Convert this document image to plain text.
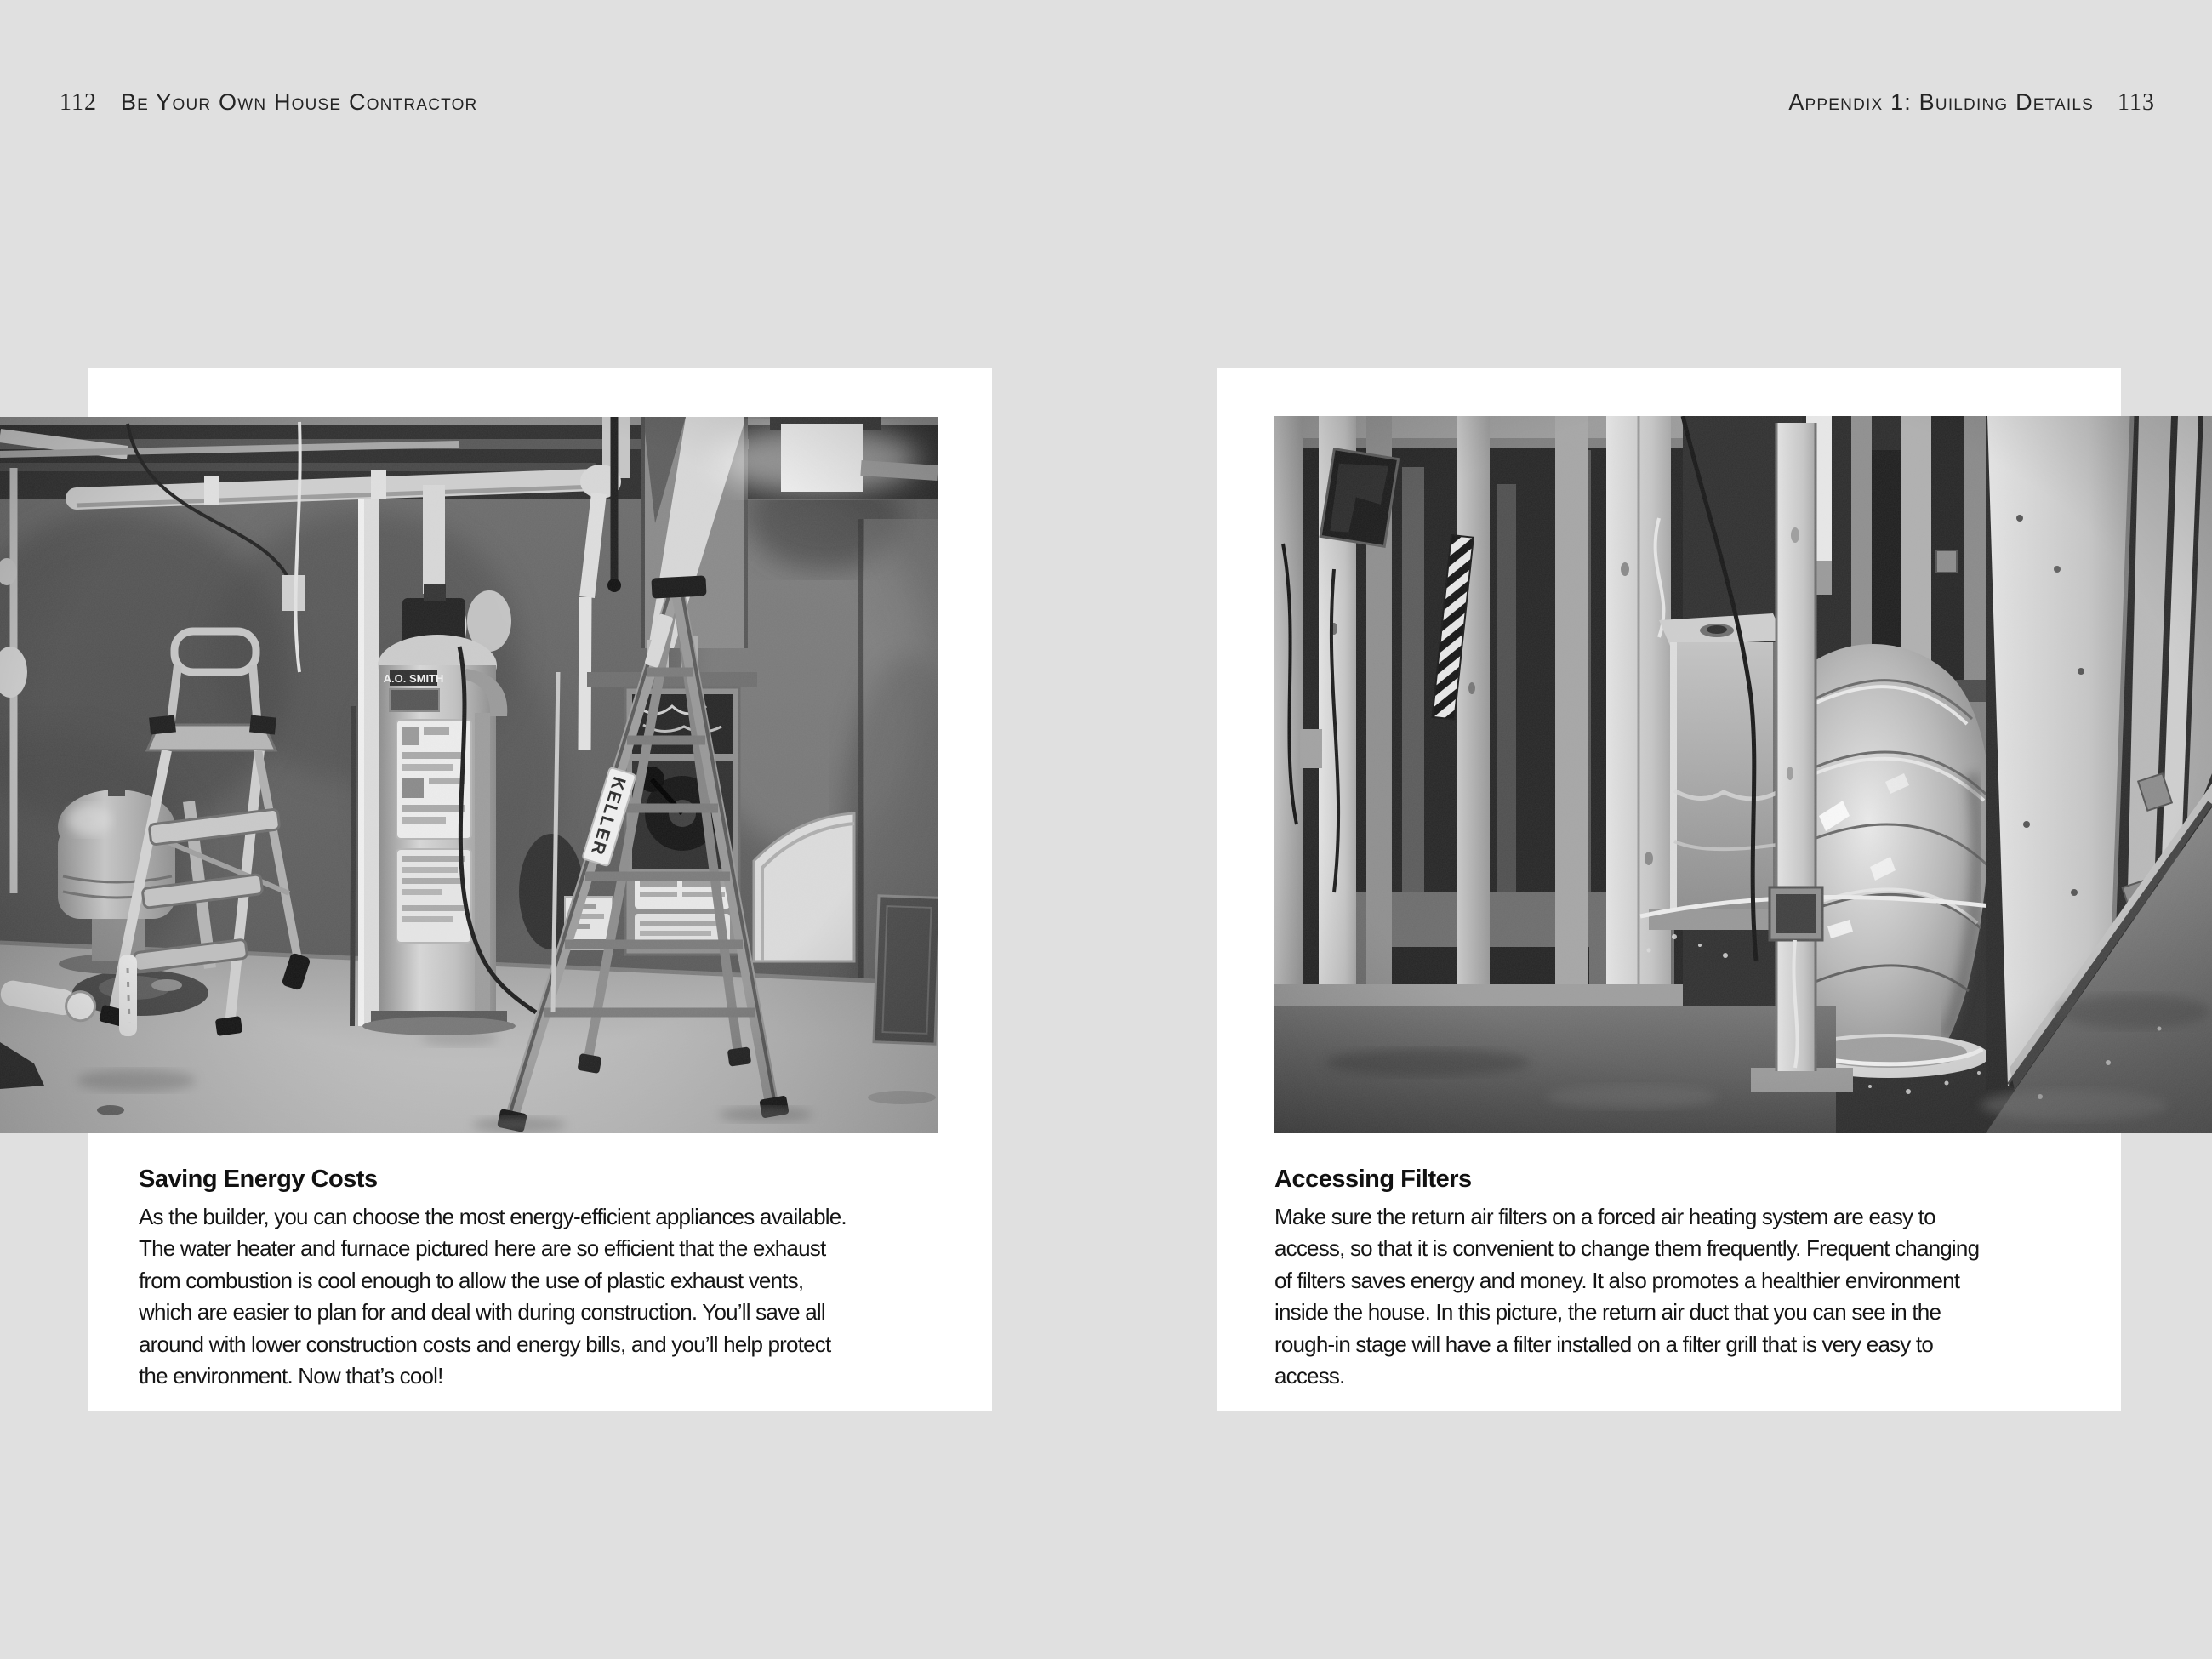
112 Be Your Own House Contractor	Appendix 1: Building Details 113
Saving Energy Costs
As the builder, you can choose the most energy-efficient appliances available.
The water heater and furnace pictured here are so efficient that the exhaust
from combustion is cool enough to allow the use of plastic exhaust vents,
which are easier to plan for and deal with during construction. You’ll save all
around with lower construction costs and energy bills, and you’ll help protect
the environment. Now that’s cool!
Accessing Filters
Make sure the return air filters on a forced air heating system are easy to
access, so that it is convenient to change them frequently. Frequent changing
of filters saves energy and money. It also promotes a healthier environment
inside the house. In this picture, the return air duct that you can see in the
rough-in stage will have a filter installed on a filter grill that is very easy to
access.
